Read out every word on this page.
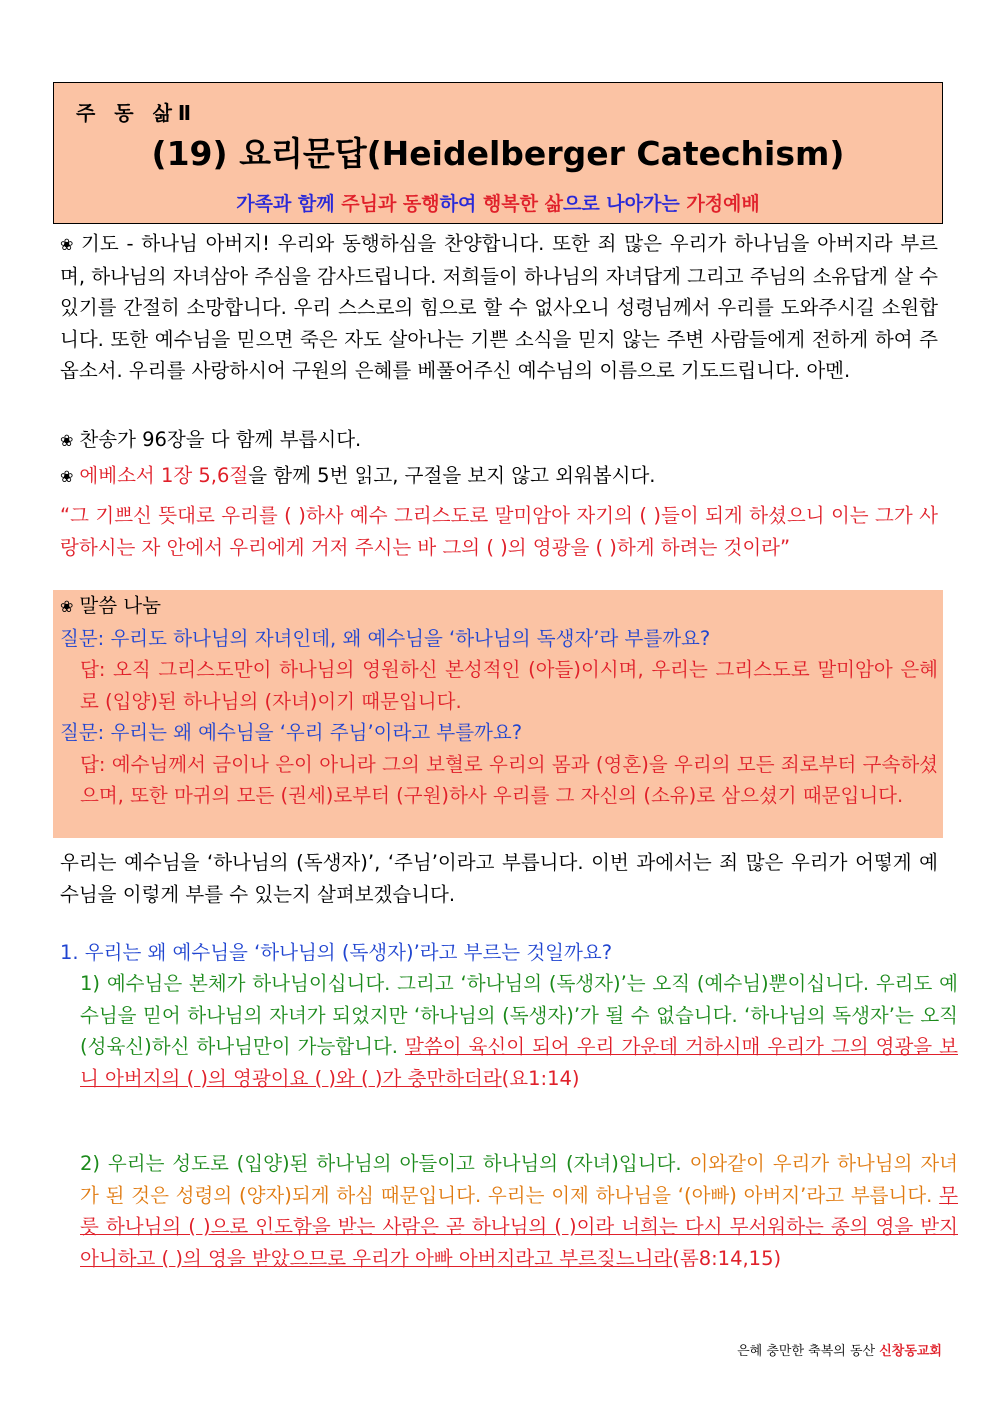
주 동 삶Ⅱ
(19) 요리문답(Heidelberger Catechism)
가족과 함께 주님과 동행하여 행복한 삶으로 나아가는 가정예배
❀ 기도 - 하나님 아버지! 우리와 동행하심을 찬양합니다. 또한 죄 많은 우리가 하나님을 아버지라 부르며, 하나님의 자녀삼아 주심을 감사드립니다. 저희들이 하나님의 자녀답게 그리고 주님의 소유답게 살 수 있기를 간절히 소망합니다. 우리 스스로의 힘으로 할 수 없사오니 성령님께서 우리를 도와주시길 소원합니다. 또한 예수님을 믿으면 죽은 자도 살아나는 기쁜 소식을 믿지 않는 주변 사람들에게 전하게 하여 주옵소서. 우리를 사랑하시어 구원의 은혜를 베풀어주신 예수님의 이름으로 기도드립니다. 아멘.
❀ 찬송가 96장을 다 함께 부릅시다.
❀ 에베소서 1장 5,6절을 함께 5번 읽고, 구절을 보지 않고 외워봅시다.
“그 기쁘신 뜻대로 우리를 ( )하사 예수 그리스도로 말미암아 자기의 ( )들이 되게 하셨으니 이는 그가 사랑하시는 자 안에서 우리에게 거저 주시는 바 그의 ( )의 영광을 ( )하게 하려는 것이라”
❀ 말씀 나눔
질문: 우리도 하나님의 자녀인데, 왜 예수님을 ‘하나님의 독생자’라 부를까요?
답: 오직 그리스도만이 하나님의 영원하신 본성적인 (아들)이시며, 우리는 그리스도로 말미암아 은혜로 (입양)된 하나님의 (자녀)이기 때문입니다.
질문: 우리는 왜 예수님을 ‘우리 주님’이라고 부를까요?
답: 예수님께서 금이나 은이 아니라 그의 보혈로 우리의 몸과 (영혼)을 우리의 모든 죄로부터 구속하셨으며, 또한 마귀의 모든 (권세)로부터 (구원)하사 우리를 그 자신의 (소유)로 삼으셨기 때문입니다.
우리는 예수님을 ‘하나님의 (독생자)’, ‘주님’이라고 부릅니다. 이번 과에서는 죄 많은 우리가 어떻게 예수님을 이렇게 부를 수 있는지 살펴보겠습니다.
1. 우리는 왜 예수님을 ‘하나님의 (독생자)’라고 부르는 것일까요?
1) 예수님은 본체가 하나님이십니다. 그리고 ‘하나님의 (독생자)’는 오직 (예수님)뿐이십니다. 우리도 예수님을 믿어 하나님의 자녀가 되었지만 ‘하나님의 (독생자)’가 될 수 없습니다. ‘하나님의 독생자’는 오직 (성육신)하신 하나님만이 가능합니다. 말씀이 육신이 되어 우리 가운데 거하시매 우리가 그의 영광을 보니 아버지의 ( )의 영광이요 ( )와 ( )가 충만하더라(요1:14)
2) 우리는 성도로 (입양)된 하나님의 아들이고 하나님의 (자녀)입니다. 이와같이 우리가 하나님의 자녀가 된 것은 성령의 (양자)되게 하심 때문입니다. 우리는 이제 하나님을 ‘(아빠) 아버지’라고 부릅니다. 무릇 하나님의 ( )으로 인도함을 받는 사람은 곧 하나님의 ( )이라 너희는 다시 무서워하는 종의 영을 받지 아니하고 ( )의 영을 받았으므로 우리가 아빠 아버지라고 부르짖느니라(롬8:14,15)
은혜 충만한 축복의 동산 신창동교회
